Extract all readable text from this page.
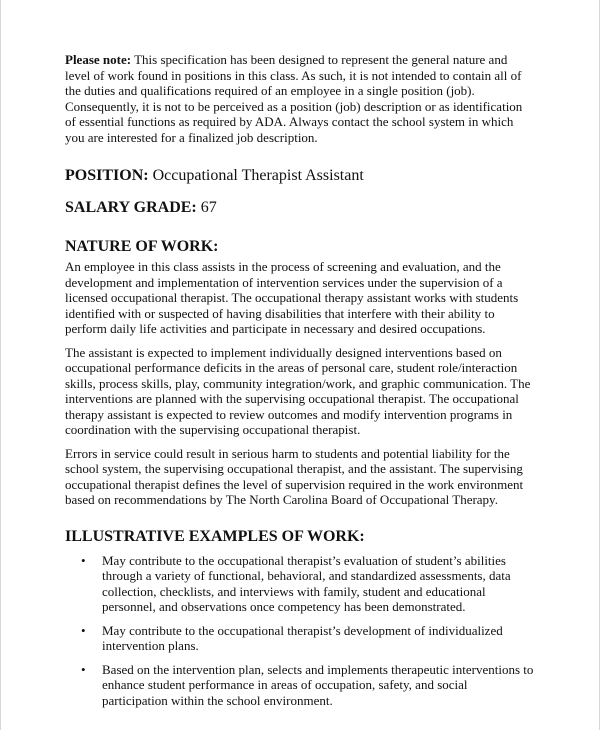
Please note: This specification has been designed to represent the general nature and level of work found in positions in this class. As such, it is not intended to contain all of the duties and qualifications required of an employee in a single position (job). Consequently, it is not to be perceived as a position (job) description or as identification of essential functions as required by ADA. Always contact the school system in which you are interested for a finalized job description.

POSITION: Occupational Therapist Assistant
SALARY GRADE: 67
NATURE OF WORK:

An employee in this class assists in the process of screening and evaluation, and the development and implementation of intervention services under the supervision of a licensed occupational therapist. The occupational therapy assistant works with students identified with or suspected of having disabilities that interfere with their ability to perform daily life activities and participate in necessary and desired occupations.

The assistant is expected to implement individually designed interventions based on occupational performance deficits in the areas of personal care, student role/interaction skills, process skills, play, community integration/work, and graphic communication. The interventions are planned with the supervising occupational therapist. The occupational therapy assistant is expected to review outcomes and modify intervention programs in coordination with the supervising occupational therapist.

Errors in service could result in serious harm to students and potential liability for the school system, the supervising occupational therapist, and the assistant. The supervising occupational therapist defines the level of supervision required in the work environment based on recommendations by The North Carolina Board of Occupational Therapy.

ILLUSTRATIVE EXAMPLES OF WORK:
• May contribute to the occupational therapist’s evaluation of student’s abilities through a variety of functional, behavioral, and standardized assessments, data collection, checklists, and interviews with family, student and educational personnel, and observations once competency has been demonstrated.
• May contribute to the occupational therapist’s development of individualized intervention plans.
• Based on the intervention plan, selects and implements therapeutic interventions to enhance student performance in areas of occupation, safety, and social participation within the school environment.
